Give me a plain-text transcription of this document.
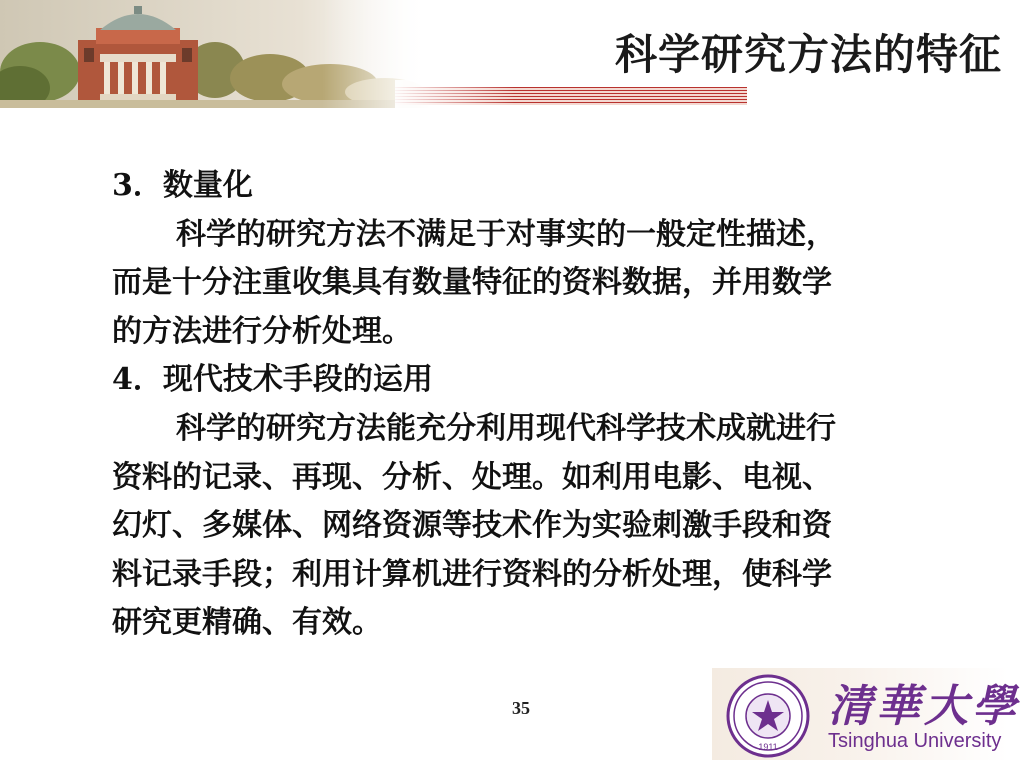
科学研究方法的特征
3．数量化
科学的研究方法不满足于对事实的一般定性描述，
而是十分注重收集具有数量特征的资料数据，并用数学
的方法进行分析处理。
4．现代技术手段的运用
科学的研究方法能充分利用现代科学技术成就进行
资料的记录、再现、分析、处理。如利用电影、电视、
幻灯、多媒体、网络资源等技术作为实验刺激手段和资
料记录手段；利用计算机进行资料的分析处理，使科学
研究更精确、有效。
35
1911
清華大學
Tsinghua University
